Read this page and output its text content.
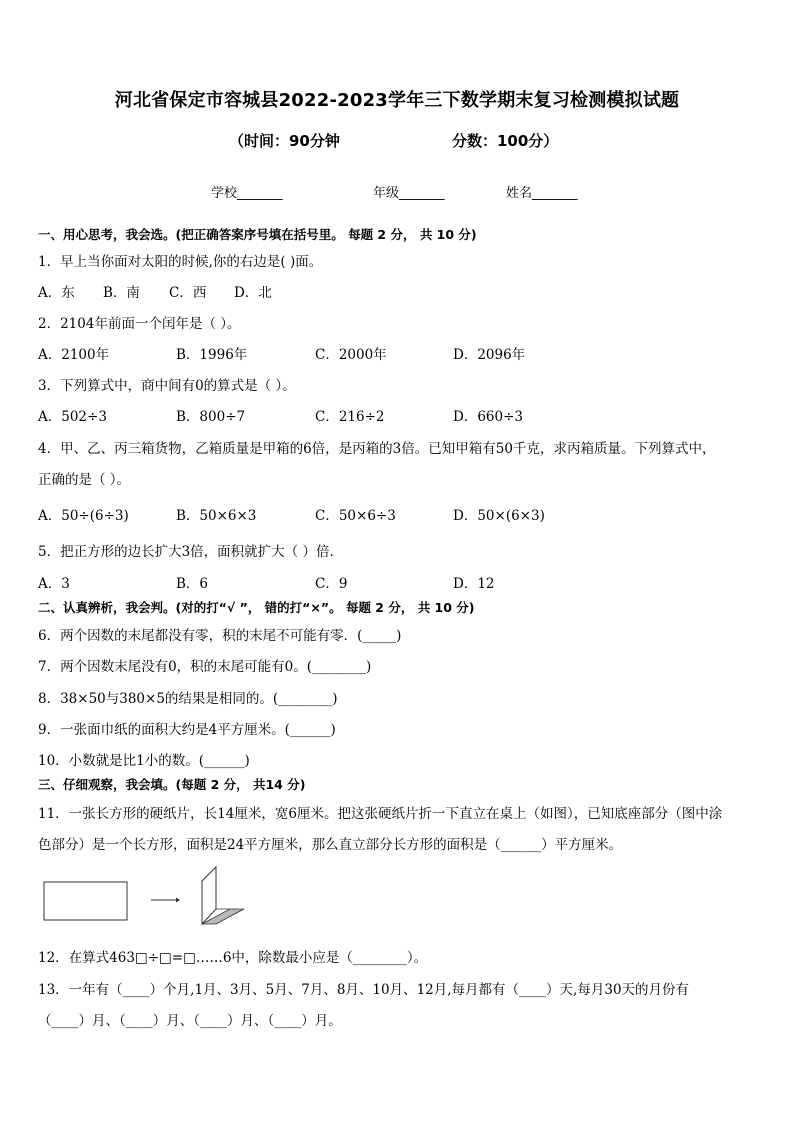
河北省保定市容城县2022-2023学年三下数学期末复习检测模拟试题
（时间：90分钟	分数：100分）
学校_______	年级_______	姓名_______
一、用心思考，我会选。(把正确答案序号填在括号里。 每题 2 分， 共 10 分)
1．早上当你面对太阳的时候,你的右边是( )面。
A．东 B．南 C．西 D．北
2．2104年前面一个闰年是（ ）。
A．2100年	B．1996年	C．2000年	D．2096年
3．下列算式中，商中间有0的算式是（ ）。
A．502÷3	B．800÷7	C．216÷2	D．660÷3
4．甲、乙、丙三箱货物，乙箱质量是甲箱的6倍，是丙箱的3倍。已知甲箱有50千克，求丙箱质量。下列算式中，
正确的是（ ）。
A．50÷(6÷3)	B．50×6×3	C．50×6÷3	D．50×(6×3)
5．把正方形的边长扩大3倍，面积就扩大（ ）倍．
A．3	B．6	C．9	D．12
二、认真辨析，我会判。(对的打“√ ”， 错的打“×”。 每题 2 分， 共 10 分)
6．两个因数的末尾都没有零，积的末尾不可能有零．(_____)
7．两个因数末尾没有0，积的末尾可能有0。(________)
8．38×50与380×5的结果是相同的。(________)
9．一张面巾纸的面积大约是4平方厘米。(______)
10．小数就是比1小的数。(______)
三、仔细观察，我会填。(每题 2 分， 共14 分)
11．一张长方形的硬纸片，长14厘米，宽6厘米。把这张硬纸片折一下直立在桌上（如图），已知底座部分（图中涂
色部分）是一个长方形，面积是24平方厘米，那么直立部分长方形的面积是（______）平方厘米。
12．在算式463□÷□=□……6中，除数最小应是（________）。
13．一年有（____）个月,1月、3月、5月、7月、8月、10月、12月,每月都有（____）天,每月30天的月份有
（____）月、（____）月、（____）月、（____）月。
